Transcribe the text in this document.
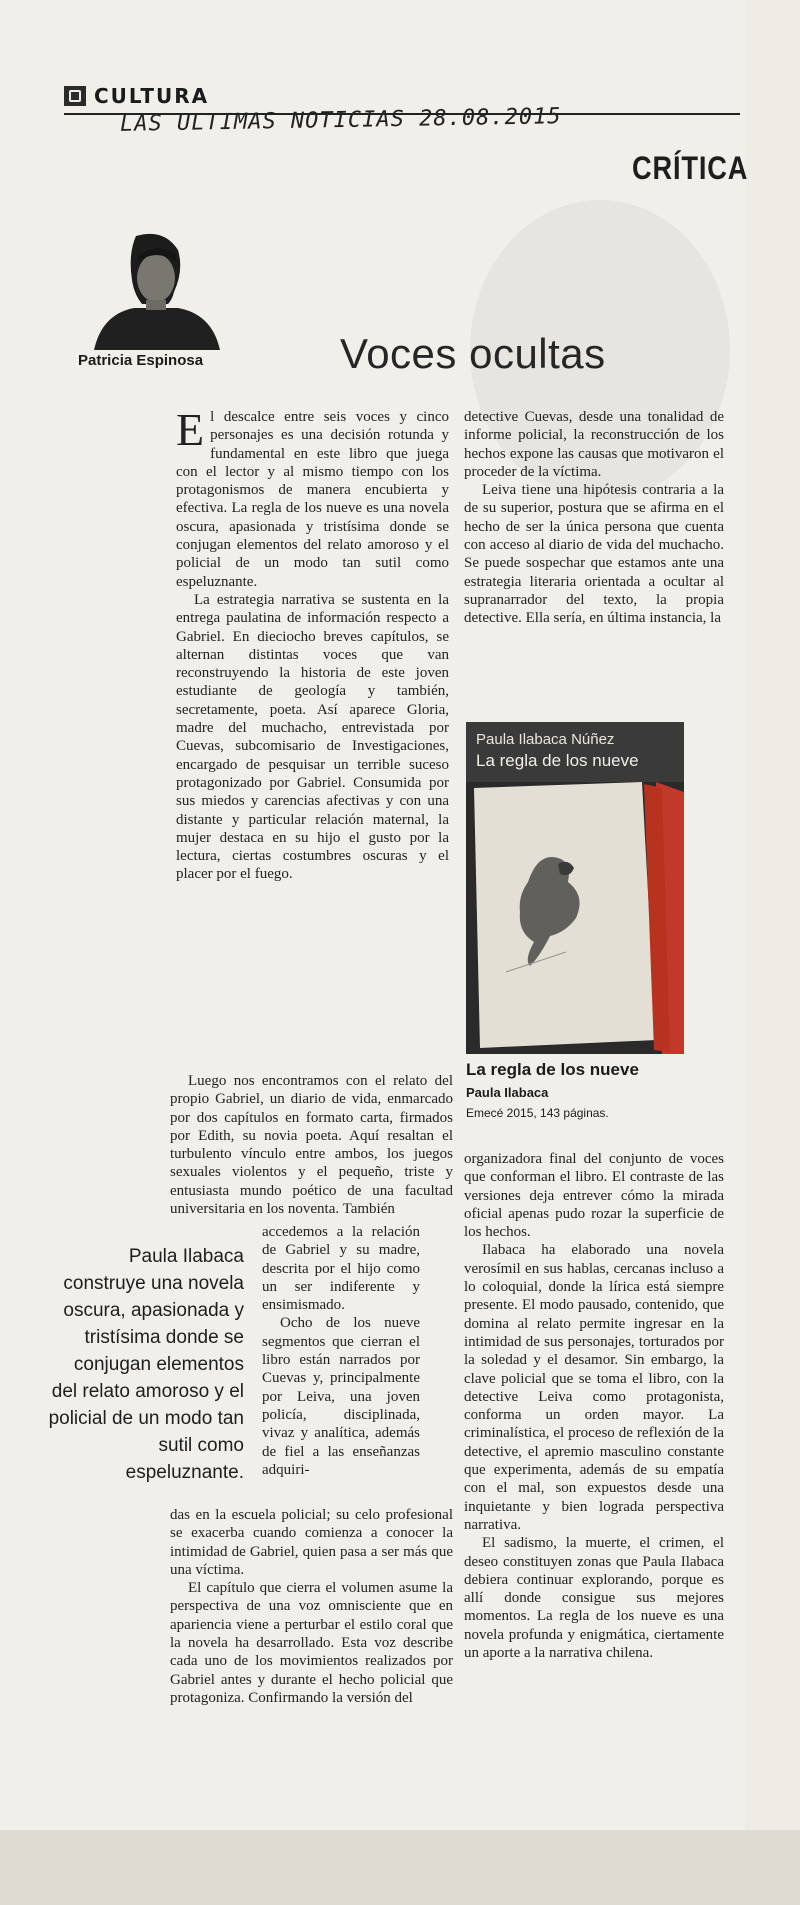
CULTURA
LAS ULTIMAS NOTICIAS 28.08.2015
CRÍTICA
Patricia Espinosa	Voces ocultas

El descalce entre seis voces y cinco personajes es una decisión rotunda y fundamental en este libro que juega con el lector y al mismo tiempo con los protagonismos de manera encubierta y efectiva. La regla de los nueve es una novela oscura, apasionada y tristísima donde se conjugan elementos del relato amoroso y el policial de un modo tan sutil como espeluznante.

La estrategia narrativa se sustenta en la entrega paulatina de información respecto a Gabriel. En dieciocho breves capítulos, se alternan distintas voces que van reconstruyendo la historia de este joven estudiante de geología y también, secretamente, poeta. Así aparece Gloria, madre del muchacho, entrevistada por Cuevas, subcomisario de Investigaciones, encargado de pesquisar un terrible suceso protagonizado por Gabriel. Consumida por sus miedos y carencias afectivas y con una distante y particular relación maternal, la mujer destaca en su hijo el gusto por la lectura, ciertas costumbres oscuras y el placer por el fuego.

Luego nos encontramos con el relato del propio Gabriel, un diario de vida, enmarcado por dos capítulos en formato carta, firmados por Edith, su novia poeta. Aquí resaltan el turbulento vínculo entre ambos, los juegos sexuales violentos y el pequeño, triste y entusiasta mundo poético de una facultad universitaria en los noventa. También

accedemos a la relación de Gabriel y su madre, descrita por el hijo como un ser indiferente y ensimismado.

Ocho de los nueve segmentos que cierran el libro están narrados por Cuevas y, principalmente por Leiva, una joven policía, disciplinada, vivaz y analítica, además de fiel a las enseñanzas adquiri-

Paula Ilabaca construye una novela oscura, apasionada y tristísima donde se conjugan elementos del relato amoroso y el policial de un modo tan sutil como espeluznante.

das en la escuela policial; su celo profesional se exacerba cuando comienza a conocer la intimidad de Gabriel, quien pasa a ser más que una víctima.

El capítulo que cierra el volumen asume la perspectiva de una voz omnisciente que en apariencia viene a perturbar el estilo coral que la novela ha desarrollado. Esta voz describe cada uno de los movimientos realizados por Gabriel antes y durante el hecho policial que protagoniza. Confirmando la versión del

detective Cuevas, desde una tonalidad de informe policial, la reconstrucción de los hechos expone las causas que motivaron el proceder de la víctima.

Leiva tiene una hipótesis contraria a la de su superior, postura que se afirma en el hecho de ser la única persona que cuenta con acceso al diario de vida del muchacho. Se puede sospechar que estamos ante una estrategia literaria orientada a ocultar al supranarrador del texto, la propia detective. Ella sería, en última instancia, la

Paula Ilabaca Núñez
La regla de los nueve
La regla de los nueve
Paula Ilabaca
Emecé 2015, 143 páginas.

organizadora final del conjunto de voces que conforman el libro. El contraste de las versiones deja entrever cómo la mirada oficial apenas pudo rozar la superficie de los hechos.

Ilabaca ha elaborado una novela verosímil en sus hablas, cercanas incluso a lo coloquial, donde la lírica está siempre presente. El modo pausado, contenido, que domina al relato permite ingresar en la intimidad de sus personajes, torturados por la soledad y el desamor. Sin embargo, la clave policial que se toma el libro, con la detective Leiva como protagonista, conforma un orden mayor. La criminalística, el proceso de reflexión de la detective, el apremio masculino constante que experimenta, además de su empatía con el mal, son expuestos desde una inquietante y bien lograda perspectiva narrativa.

El sadismo, la muerte, el crimen, el deseo constituyen zonas que Paula Ilabaca debiera continuar explorando, porque es allí donde consigue sus mejores momentos. La regla de los nueve es una novela profunda y enigmática, ciertamente un aporte a la narrativa chilena.
